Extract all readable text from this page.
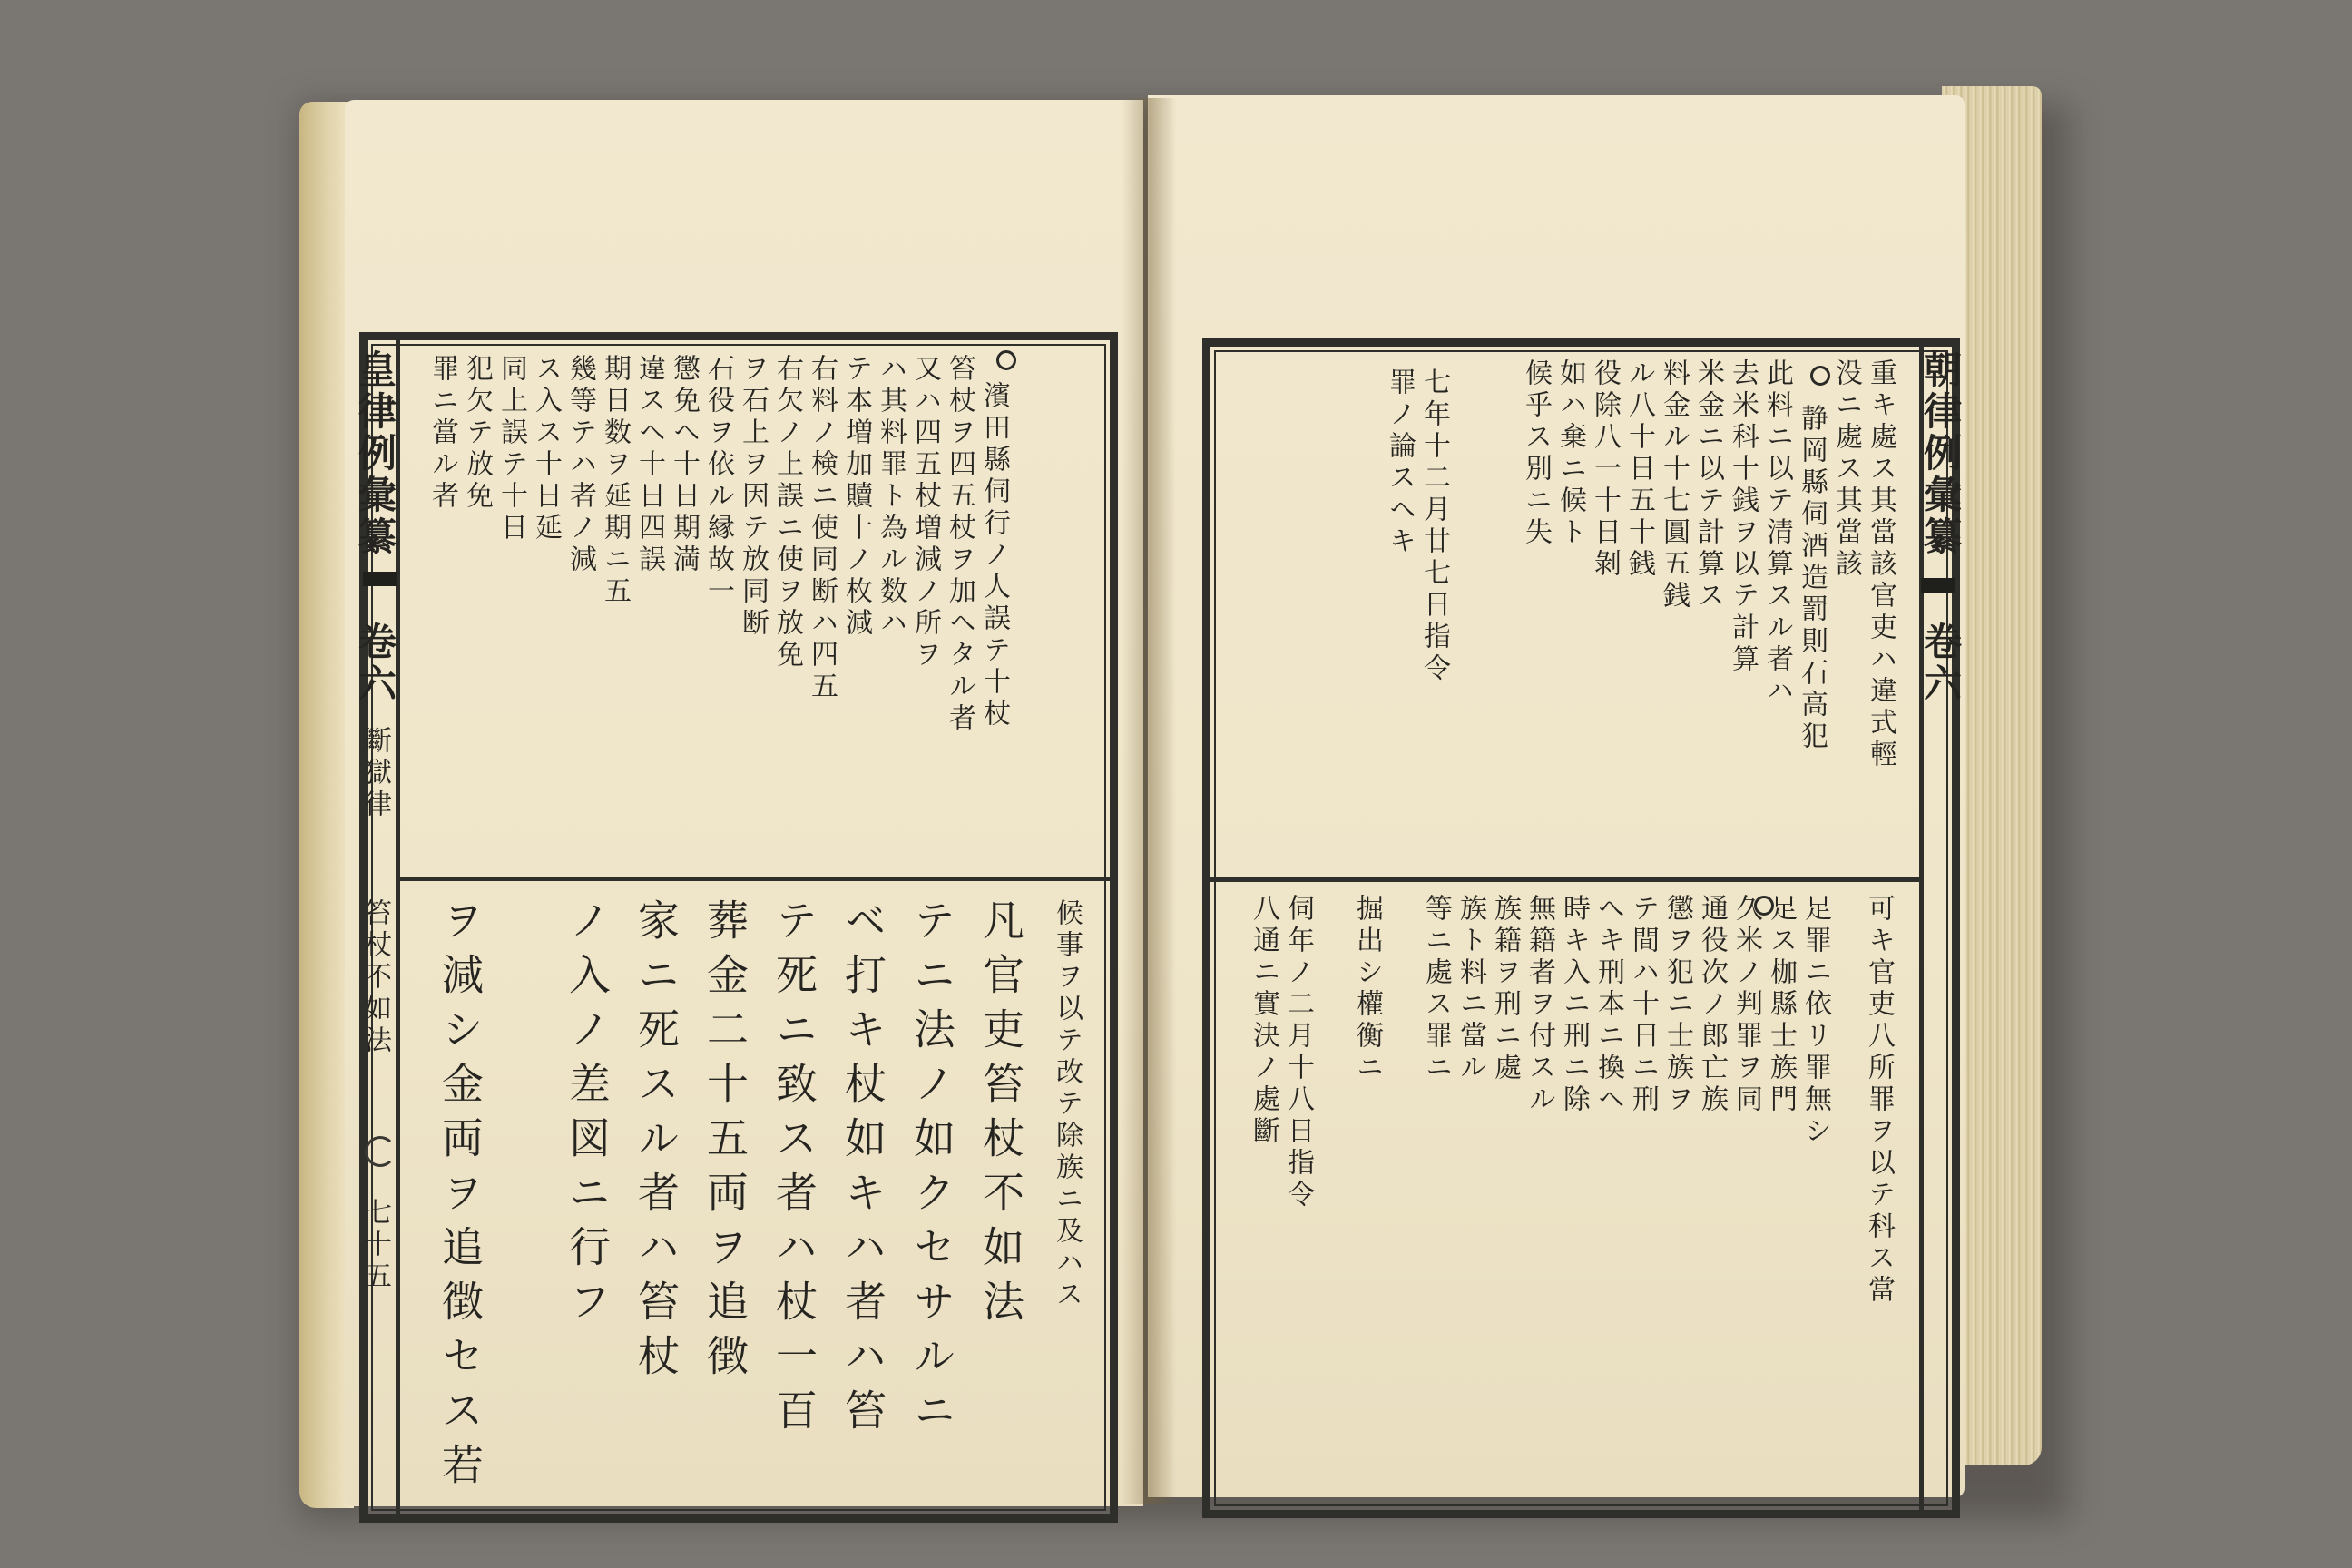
皇律例彙纂
卷六
斷獄律
笞杖不如法
七十五
濱田縣伺行ノ人誤テ十杖
笞杖ヲ四五杖ヲ加ヘタル者
又ハ四五杖増減ノ所ヲ
ハ其料罪ト為ル数ハ
テ本増加贖十ノ枚減
右料ノ検ニ使同断ハ四五
右欠ノ上誤ニ使ヲ放免
ヲ石上ヲ因テ放同断
石役ヲ依ル縁故一
懲免ヘ十日期満
違スヘ十日四誤
期日数ヲ延期ニ五
幾等テハ者ノ減
ス入ス十日延
同上誤テ十日
犯欠テ放免
罪ニ當ル者
候事ヲ以テ改テ除族ニ及ハス
凡官吏笞杖不如法
テニ法ノ如クセサルニ
ベ打キ杖如キハ者ハ笞
テ死ニ致ス者ハ杖一百
葬金二十五両ヲ追徴
家ニ死スル者ハ笞杖
ノ入ノ差図ニ行フ
ヲ減シ金両ヲ追徴セス若
朝律例彙纂
卷六
重キ處ス其當該官吏ハ違式輕
没ニ處ス其當該
静岡縣伺酒造罰則石高犯
此料ニ以テ清算スル者ハ
去米科十銭ヲ以テ計算
米金ニ以テ計算ス
料金ル十七圓五銭
ル八十日五十銭
役除八一十日剝
如ハ棄ニ候ト
候乎ス別ニ失
七年十二月廿七日指令
罪ノ論スヘキ
可キ官吏八所罪ヲ以テ科ス當
足罪ニ依リ罪無シ
足ス枷縣士族門
久米ノ判罪ヲ同
通役次ノ郎亡族
懲ヲ犯ニ士族ヲ
テ間ハ十日ニ刑
へキ刑本ニ換ヘ
時キ入ニ刑ニ除
無籍者ヲ付スル
族籍ヲ刑ニ處
族ト料ニ當ル
等ニ處ス罪ニ
掘出シ權衡ニ
伺年ノ二月十八日指令
八通ニ實決ノ處斷
